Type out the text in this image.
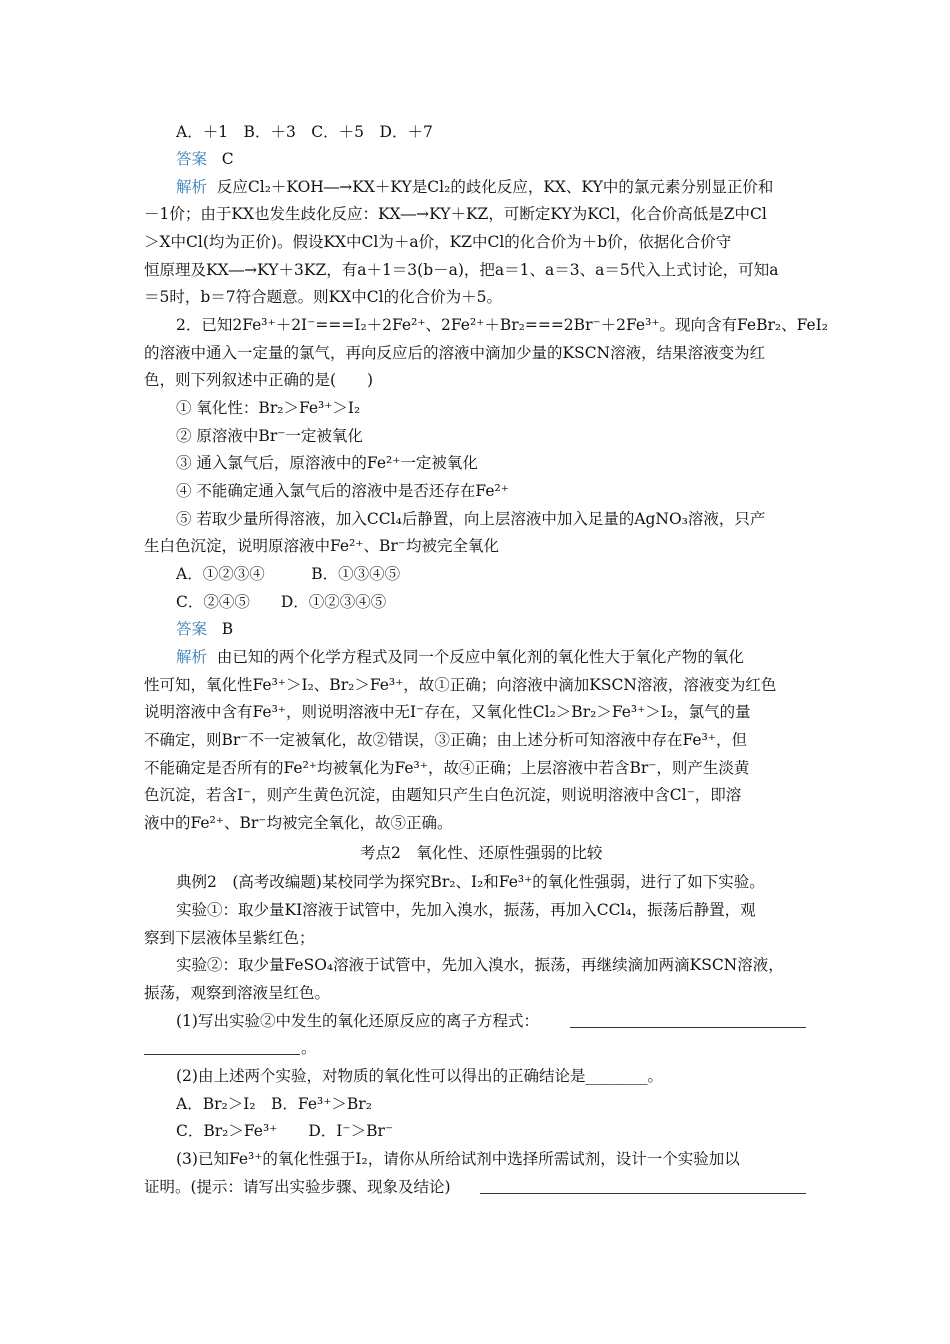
A．＋1　B．＋3　C．＋5　D．＋7
答案 C
解析 反应Cl₂＋KOH―→KX＋KY是Cl₂的歧化反应，KX、KY中的氯元素分别显正价和
－1价；由于KX也发生歧化反应：KX―→KY＋KZ，可断定KY为KCl，化合价高低是Z中Cl
＞X中Cl(均为正价)。假设KX中Cl为＋a价，KZ中Cl的化合价为＋b价，依据化合价守
恒原理及KX―→KY＋3KZ，有a＋1＝3(b－a)，把a＝1、a＝3、a＝5代入上式讨论，可知a
＝5时，b＝7符合题意。则KX中Cl的化合价为＋5。
2．已知2Fe³⁺＋2I⁻===I₂＋2Fe²⁺、2Fe²⁺＋Br₂===2Br⁻＋2Fe³⁺。现向含有FeBr₂、FeI₂
的溶液中通入一定量的氯气，再向反应后的溶液中滴加少量的KSCN溶液，结果溶液变为红
色，则下列叙述中正确的是(　　)
① 氧化性：Br₂＞Fe³⁺＞I₂
② 原溶液中Br⁻一定被氧化
③ 通入氯气后，原溶液中的Fe²⁺一定被氧化
④ 不能确定通入氯气后的溶液中是否还存在Fe²⁺
⑤ 若取少量所得溶液，加入CCl₄后静置，向上层溶液中加入足量的AgNO₃溶液，只产
生白色沉淀，说明原溶液中Fe²⁺、Br⁻均被完全氧化
A．①②③④　　　B．①③④⑤
C．②④⑤　　D．①②③④⑤
答案 B
解析 由已知的两个化学方程式及同一个反应中氧化剂的氧化性大于氧化产物的氧化
性可知，氧化性Fe³⁺＞I₂、Br₂＞Fe³⁺，故①正确；向溶液中滴加KSCN溶液，溶液变为红色
说明溶液中含有Fe³⁺，则说明溶液中无I⁻存在，又氧化性Cl₂＞Br₂＞Fe³⁺＞I₂，氯气的量
不确定，则Br⁻不一定被氧化，故②错误，③正确；由上述分析可知溶液中存在Fe³⁺，但
不能确定是否所有的Fe²⁺均被氧化为Fe³⁺，故④正确；上层溶液中若含Br⁻，则产生淡黄
色沉淀，若含I⁻，则产生黄色沉淀，由题知只产生白色沉淀，则说明溶液中含Cl⁻，即溶
液中的Fe²⁺、Br⁻均被完全氧化，故⑤正确。
考点2　氧化性、还原性强弱的比较
典例2　(高考改编题)某校同学为探究Br₂、I₂和Fe³⁺的氧化性强弱，进行了如下实验。
实验①：取少量KI溶液于试管中，先加入溴水，振荡，再加入CCl₄，振荡后静置，观
察到下层液体呈紫红色；
实验②：取少量FeSO₄溶液于试管中，先加入溴水，振荡，再继续滴加两滴KSCN溶液，
振荡，观察到溶液呈红色。
(1)写出实验②中发生的氧化还原反应的离子方程式：
。
(2)由上述两个实验，对物质的氧化性可以得出的正确结论是________。
A．Br₂＞I₂　B．Fe³⁺＞Br₂
C．Br₂＞Fe³⁺　　D．I⁻＞Br⁻
(3)已知Fe³⁺的氧化性强于I₂，请你从所给试剂中选择所需试剂，设计一个实验加以
证明。(提示：请写出实验步骤、现象及结论)
